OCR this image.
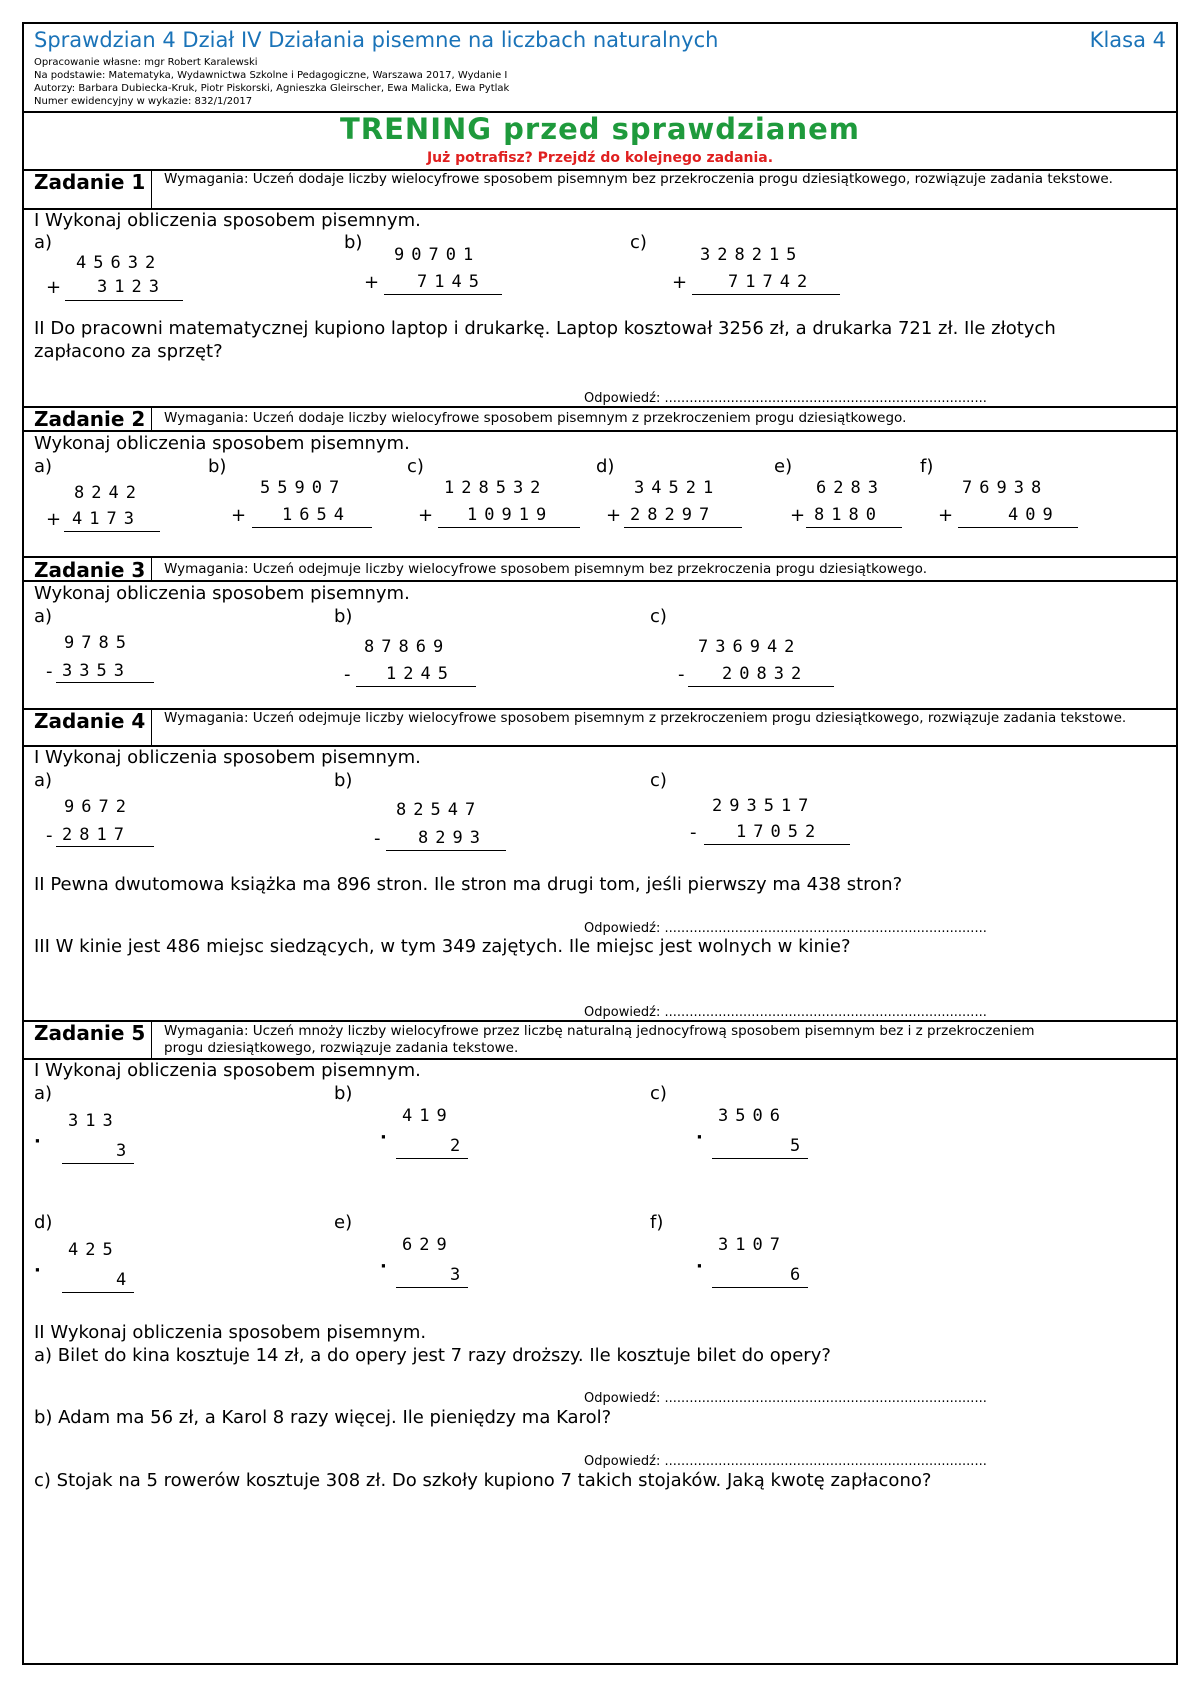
Sprawdzian 4 Dział IV Działania pisemne na liczbach naturalnych	Klasa 4
Opracowanie własne: mgr Robert Karalewski
Na podstawie: Matematyka, Wydawnictwa Szkolne i Pedagogiczne, Warszawa 2017, Wydanie I
Autorzy: Barbara Dubiecka-Kruk, Piotr Piskorski, Agnieszka Gleirscher, Ewa Malicka, Ewa Pytlak
Numer ewidencyjny w wykazie: 832/1/2017
TRENING przed sprawdzianem
Już potrafisz? Przejdź do kolejnego zadania.
Zadanie 1 Wymagania: Uczeń dodaje liczby wielocyfrowe sposobem pisemnym bez przekroczenia progu dziesiątkowego, rozwiązuje zadania tekstowe.
I Wykonaj obliczenia sposobem pisemnym.
a)
45632
+ 3123
b)
90701
+ 7145
c)
328215
+ 71742
II Do pracowni matematycznej kupiono laptop i drukarkę. Laptop kosztował 3256 zł, a drukarka 721 zł. Ile złotych zapłacono za sprzęt?
Odpowiedź: ..............................................................................
Zadanie 2 Wymagania: Uczeń dodaje liczby wielocyfrowe sposobem pisemnym z przekroczeniem progu dziesiątkowego.
Wykonaj obliczenia sposobem pisemnym.
a)
8242
+ 4173
b)
55907
+ 1654
c)
128532
+ 10919
d)
34521
+ 28297
e)
6283
+ 8180
f)
76938
+	409
Zadanie 3 Wymagania: Uczeń odejmuje liczby wielocyfrowe sposobem pisemnym bez przekroczenia progu dziesiątkowego.
Wykonaj obliczenia sposobem pisemnym.
a)
9785
- 3353
b)
87869
- 1245
c)
736942
- 20832
Zadanie 4 Wymagania: Uczeń odejmuje liczby wielocyfrowe sposobem pisemnym z przekroczeniem progu dziesiątkowego, rozwiązuje zadania tekstowe.
I Wykonaj obliczenia sposobem pisemnym.
a)
9672
- 2817
b)
82547
- 8293
c)
293517
- 17052
II Pewna dwutomowa książka ma 896 stron. Ile stron ma drugi tom, jeśli pierwszy ma 438 stron?
Odpowiedź: ..............................................................................
III W kinie jest 486 miejsc siedzących, w tym 349 zajętych. Ile miejsc jest wolnych w kinie?
Odpowiedź: ..............................................................................
Zadanie 5 Wymagania: Uczeń mnoży liczby wielocyfrowe przez liczbę naturalną jednocyfrową sposobem pisemnym bez i z przekroczeniem progu dziesiątkowego, rozwiązuje zadania tekstowe.
I Wykonaj obliczenia sposobem pisemnym.
a)
313
·	3
b)
419
·	2
c)
3506
·	5
d)
425
·	4
e)
629
·	3
f)
3107
·	6
II Wykonaj obliczenia sposobem pisemnym.
a) Bilet do kina kosztuje 14 zł, a do opery jest 7 razy droższy. Ile kosztuje bilet do opery?
Odpowiedź: ..............................................................................
b) Adam ma 56 zł, a Karol 8 razy więcej. Ile pieniędzy ma Karol?
Odpowiedź: ..............................................................................
c) Stojak na 5 rowerów kosztuje 308 zł. Do szkoły kupiono 7 takich stojaków. Jaką kwotę zapłacono?
